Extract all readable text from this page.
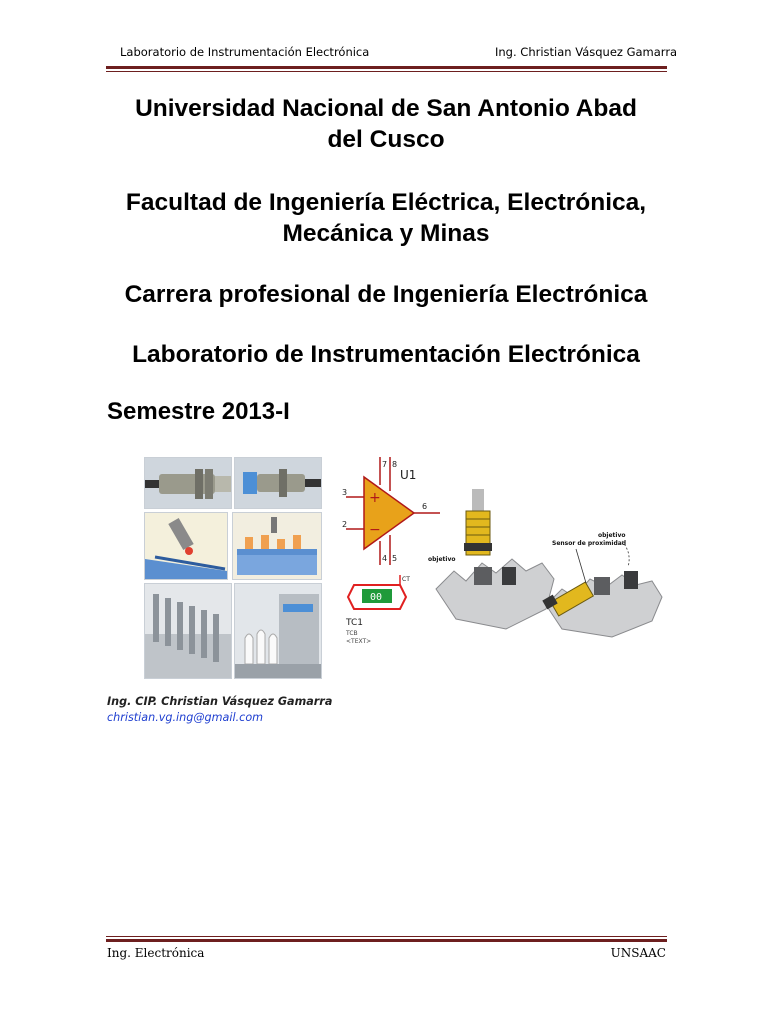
Laboratorio de Instrumentación Electrónica	Ing. Christian Vásquez Gamarra
Universidad Nacional de San Antonio Abad
del Cusco
Facultad de Ingeniería Eléctrica, Electrónica,
Mecánica y Minas
Carrera profesional de Ingeniería Electrónica
Laboratorio de Instrumentación Electrónica
Semestre 2013-I
+
−
3
2
6
7 8
4 5
U1
00
CT
TC1
TCB
<TEXT>
objetivo
objetivo
Sensor de proximidad
Ing. CIP. Christian Vásquez Gamarra
christian.vg.ing@gmail.com
Ing. Electrónica	UNSAAC
